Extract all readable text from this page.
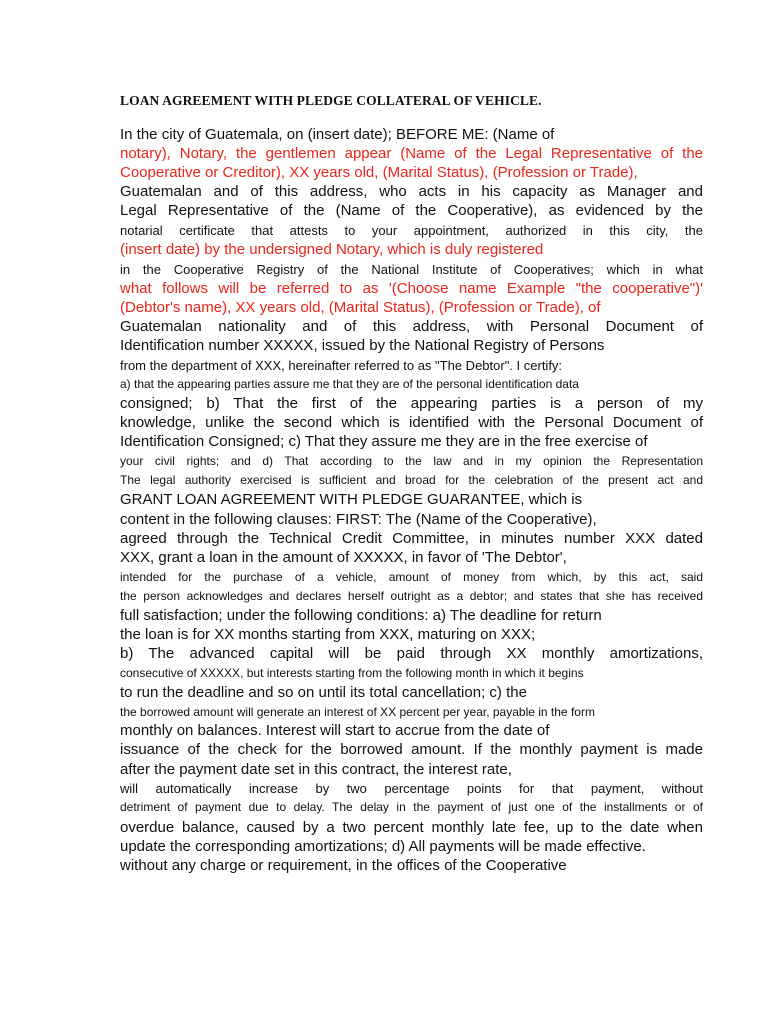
LOAN AGREEMENT WITH PLEDGE COLLATERAL OF VEHICLE.
In the city of Guatemala, on (insert date); BEFORE ME: (Name of
notary), Notary, the gentlemen appear (Name of the Legal Representative of the
Cooperative or Creditor), XX years old, (Marital Status), (Profession or Trade),
Guatemalan and of this address, who acts in his capacity as Manager and
Legal Representative of the (Name of the Cooperative), as evidenced by the
notarial certificate that attests to your appointment, authorized in this city, the
(insert date) by the undersigned Notary, which is duly registered
in the Cooperative Registry of the National Institute of Cooperatives; which in what
what follows will be referred to as '(Choose name Example "the cooperative")'
(Debtor's name), XX years old, (Marital Status), (Profession or Trade), of
Guatemalan nationality and of this address, with Personal Document of
Identification number XXXXX, issued by the National Registry of Persons
from the department of XXX, hereinafter referred to as "The Debtor". I certify:
a) that the appearing parties assure me that they are of the personal identification data
consigned; b) That the first of the appearing parties is a person of my
knowledge, unlike the second which is identified with the Personal Document of
Identification Consigned; c) That they assure me they are in the free exercise of
your civil rights; and d) That according to the law and in my opinion the Representation
The legal authority exercised is sufficient and broad for the celebration of the present act and
GRANT LOAN AGREEMENT WITH PLEDGE GUARANTEE, which is
content in the following clauses: FIRST: The (Name of the Cooperative),
agreed through the Technical Credit Committee, in minutes number XXX dated
XXX, grant a loan in the amount of XXXXX, in favor of 'The Debtor',
intended for the purchase of a vehicle, amount of money from which, by this act, said
the person acknowledges and declares herself outright as a debtor; and states that she has received
full satisfaction; under the following conditions: a) The deadline for return
the loan is for XX months starting from XXX, maturing on XXX;
b) The advanced capital will be paid through XX monthly amortizations,
consecutive of XXXXX, but interests starting from the following month in which it begins
to run the deadline and so on until its total cancellation; c) the
the borrowed amount will generate an interest of XX percent per year, payable in the form
monthly on balances. Interest will start to accrue from the date of
issuance of the check for the borrowed amount. If the monthly payment is made
after the payment date set in this contract, the interest rate,
will automatically increase by two percentage points for that payment, without
detriment of payment due to delay. The delay in the payment of just one of the installments or of
overdue balance, caused by a two percent monthly late fee, up to the date when
update the corresponding amortizations; d) All payments will be made effective.
without any charge or requirement, in the offices of the Cooperative
